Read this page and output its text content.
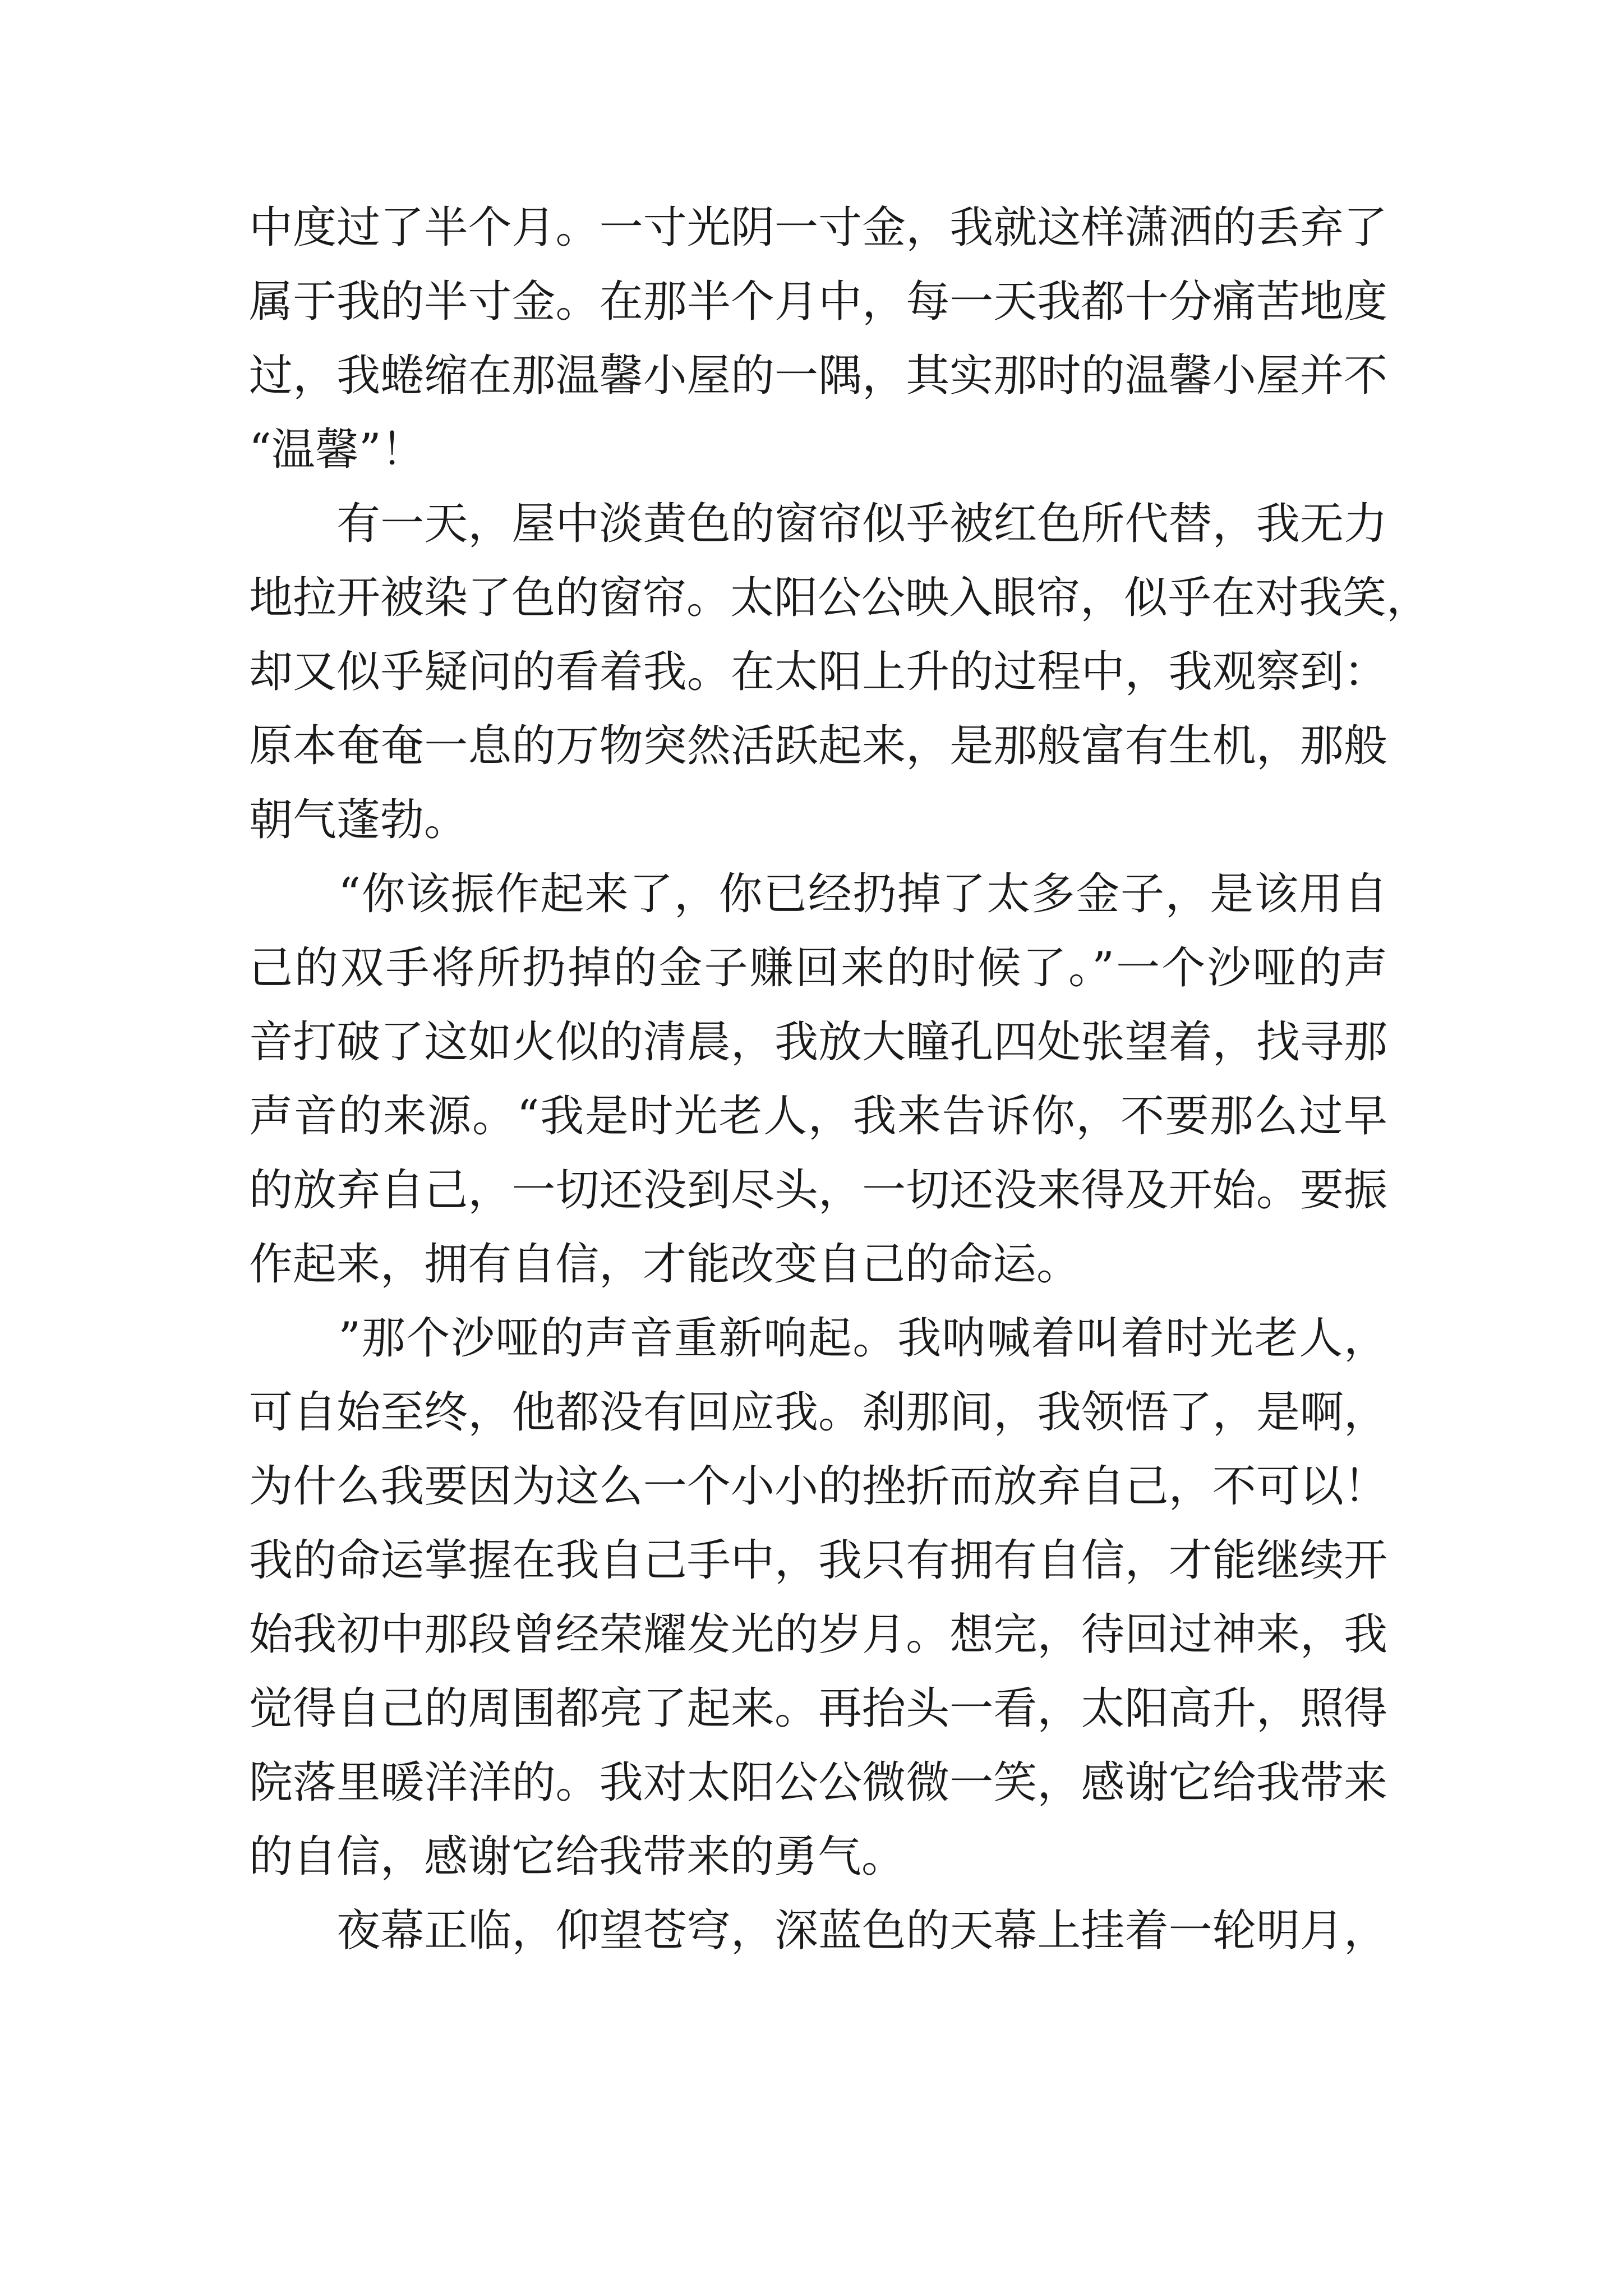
中度过了半个月。一寸光阴一寸金，我就这样潇洒的丢弃了
属于我的半寸金。在那半个月中，每一天我都十分痛苦地度
过，我蜷缩在那温馨小屋的一隅，其实那时的温馨小屋并不
“温馨”！
　　有一天，屋中淡黄色的窗帘似乎被红色所代替，我无力
地拉开被染了色的窗帘。太阳公公映入眼帘，似乎在对我笑，
却又似乎疑问的看着我。在太阳上升的过程中，我观察到：
原本奄奄一息的万物突然活跃起来，是那般富有生机，那般
朝气蓬勃。
　　“你该振作起来了，你已经扔掉了太多金子，是该用自
己的双手将所扔掉的金子赚回来的时候了。”一个沙哑的声
音打破了这如火似的清晨，我放大瞳孔四处张望着，找寻那
声音的来源。“我是时光老人，我来告诉你，不要那么过早
的放弃自己，一切还没到尽头，一切还没来得及开始。要振
作起来，拥有自信，才能改变自己的命运。
　　”那个沙哑的声音重新响起。我呐喊着叫着时光老人，
可自始至终，他都没有回应我。刹那间，我领悟了，是啊，
为什么我要因为这么一个小小的挫折而放弃自己，不可以！
我的命运掌握在我自己手中，我只有拥有自信，才能继续开
始我初中那段曾经荣耀发光的岁月。想完，待回过神来，我
觉得自己的周围都亮了起来。再抬头一看，太阳高升，照得
院落里暖洋洋的。我对太阳公公微微一笑，感谢它给我带来
的自信，感谢它给我带来的勇气。
　　夜幕正临，仰望苍穹，深蓝色的天幕上挂着一轮明月，
